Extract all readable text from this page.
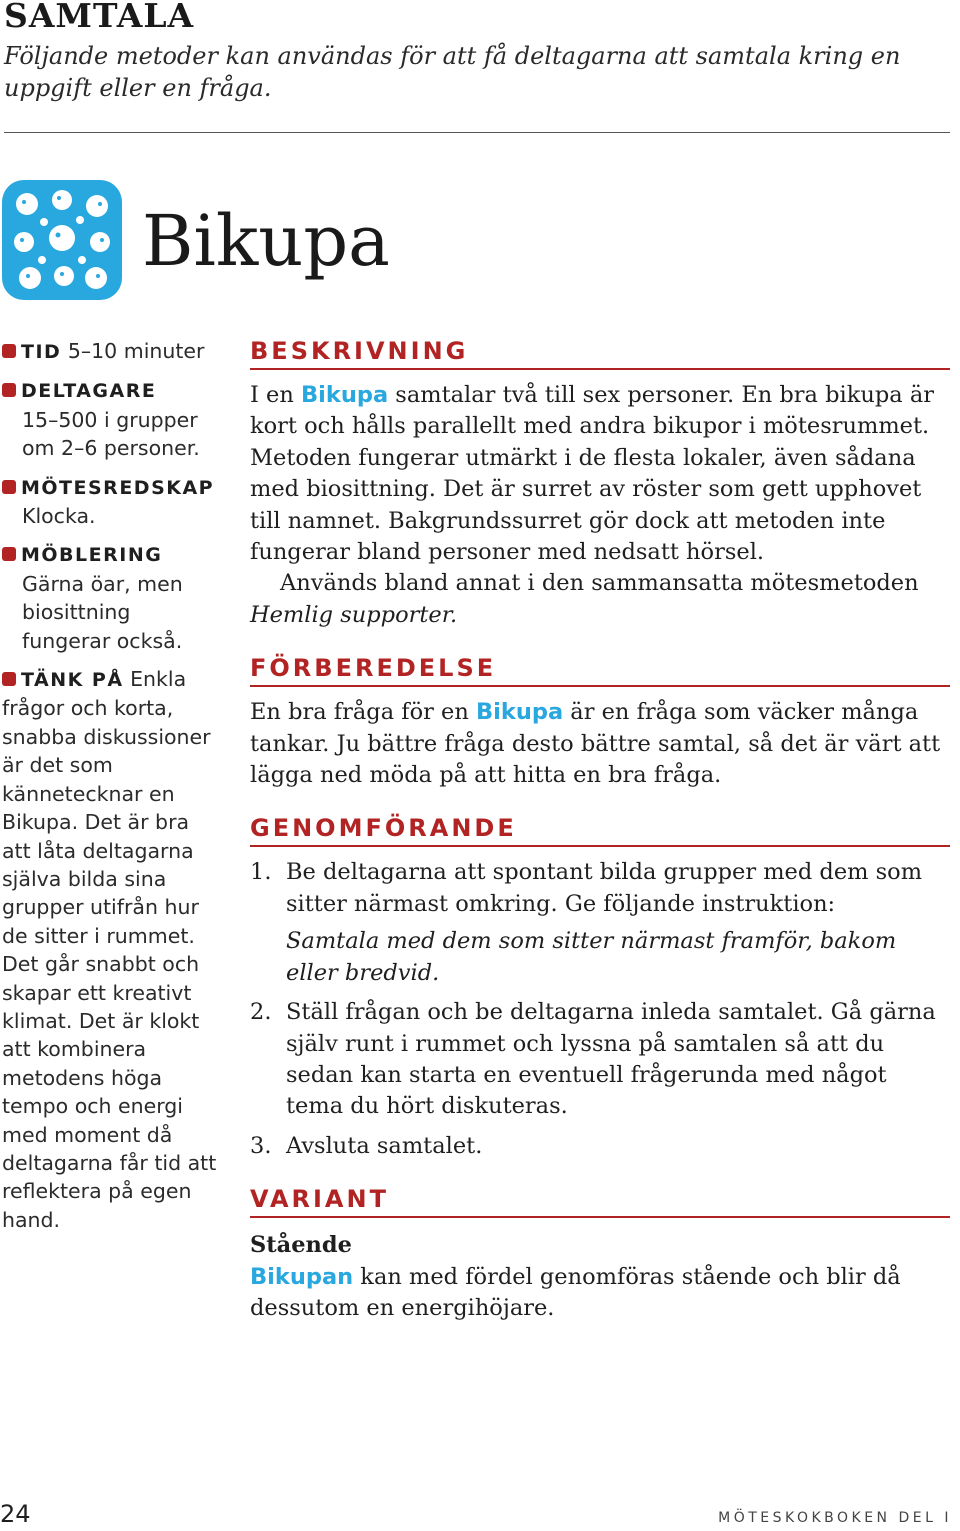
SAMTALA
Följande metoder kan användas för att få deltagarna att samtala kring en uppgift eller en fråga.
Bikupa
TID 5–10 minuter
DELTAGARE
15–500 i grupper om 2–6 personer.
MÖTESREDSKAP
Klocka.
MÖBLERING
Gärna öar, men biosittning fungerar också.
TÄNK PÅ Enkla frågor och korta, snabba diskussioner är det som kännetecknar en Bikupa. Det är bra att låta deltagarna själva bilda sina grupper utifrån hur de sitter i rummet. Det går snabbt och skapar ett kreativt klimat. Det är klokt att kombinera metodens höga tempo och energi med moment då deltagarna får tid att reflektera på egen hand.
BESKRIVNING

I en Bikupa samtalar två till sex personer. En bra bikupa är kort och hålls parallellt med andra bikupor i mötesrummet. Metoden fungerar utmärkt i de flesta lokaler, även sådana med biosittning. Det är surret av röster som gett upphovet till namnet. Bakgrundssurret gör dock att metoden inte fungerar bland personer med nedsatt hörsel.

Används bland annat i den sammansatta mötesmetoden Hemlig supporter.

FÖRBEREDELSE

En bra fråga för en Bikupa är en fråga som väcker många tankar. Ju bättre fråga desto bättre samtal, så det är värt att lägga ned möda på att hitta en bra fråga.

GENOMFÖRANDE
1. Be deltagarna att spontant bilda grupper med dem som sitter närmast omkring. Ge följande instruktion:
Samtala med dem som sitter närmast framför, bakom eller bredvid.
2. Ställ frågan och be deltagarna inleda samtalet. Gå gärna själv runt i rummet och lyssna på samtalen så att du sedan kan starta en eventuell frågerunda med något tema du hört diskuteras.
3. Avsluta samtalet.
VARIANT

Stående

Bikupan kan med fördel genomföras stående och blir då dessutom en energihöjare.

24	MÖTESKOKBOKEN DEL I
